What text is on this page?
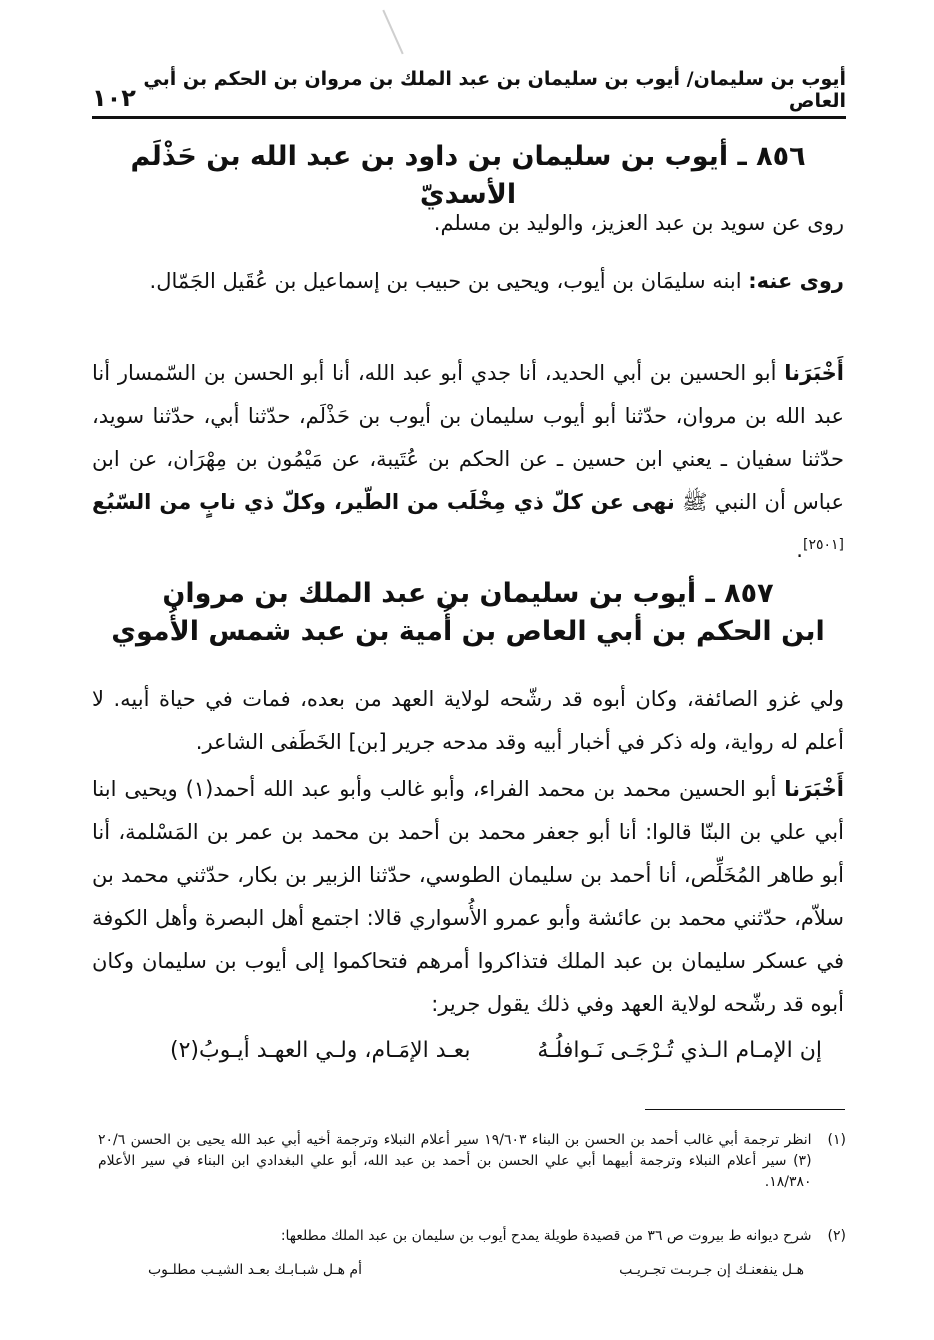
أيوب بن سليمان/ أيوب بن سليمان بن عبد الملك بن مروان بن الحكم بن أبي العاص
١٠٢
٨٥٦ ـ أيوب بن سليمان بن داود بن عبد الله بن حَذْلَم الأسديّ
روى عن سويد بن عبد العزيز، والوليد بن مسلم.
روى عنه: ابنه سليمَان بن أيوب، ويحيى بن حبيب بن إسماعيل بن عُقَيل الجَمّال.
أَخْبَرَنا أبو الحسين بن أبي الحديد، أنا جدي أبو عبد الله، أنا أبو الحسن بن السّمسار أنا عبد الله بن مروان، حدّثنا أبو أيوب سليمان بن أيوب بن حَذْلَم، حدّثنا أبي، حدّثنا سويد، حدّثنا سفيان ـ يعني ابن حسين ـ عن الحكم بن عُتَيبة، عن مَيْمُون بن مِهْرَان، عن ابن عباس أن النبي ﷺ نهى عن كلّ ذي مِخْلَب من الطّير، وكلّ ذي نابٍ من السّبُع [٢٥٠١].
٨٥٧ ـ أيوب بن سليمان بن عبد الملك بن مروان
ابن الحكم بن أبي العاص بن أُمية بن عبد شمس الأُموي
ولي غزو الصائفة، وكان أبوه قد رشّحه لولاية العهد من بعده، فمات في حياة أبيه. لا أعلم له رواية، وله ذكر في أخبار أبيه وقد مدحه جرير [بن] الخَطَفى الشاعر.
أَخْبَرَنا أبو الحسين محمد بن محمد الفراء، وأبو غالب وأبو عبد الله أحمد(١) ويحيى ابنا أبي علي بن البنّا قالوا: أنا أبو جعفر محمد بن أحمد بن محمد بن عمر بن المَسْلمة، أنا أبو طاهر المُخَلِّص، أنا أحمد بن سليمان الطوسي، حدّثنا الزبير بن بكار، حدّثني محمد بن سلاّم، حدّثني محمد بن عائشة وأبو عمرو الأُسواري قالا: اجتمع أهل البصرة وأهل الكوفة في عسكر سليمان بن عبد الملك فتذاكروا أمرهم فتحاكموا إلى أيوب بن سليمان وكان أبوه قد رشّحه لولاية العهد وفي ذلك يقول جرير:
إن الإمـام الـذي تُـرْجَـى نَـوافلُـهُ
بعـد الإمَـام، ولـي العهـد أيـوبُ(٢)
(١)
انظر ترجمة أبي غالب أحمد بن الحسن بن البناء ١٩/٦٠٣ سير أعلام النبلاء وترجمة أخيه أبي عبد الله يحيى بن الحسن ٢٠/٦ (٣) سير أعلام النبلاء وترجمة أبيهما أبي علي الحسن بن أحمد بن عبد الله، أبو علي البغدادي ابن البناء في سير الأعلام ١٨/٣٨٠.
(٢)
شرح ديوانه ط بيروت ص ٣٦ من قصيدة طويلة يمدح أيوب بن سليمان بن عبد الملك مطلعها:
هـل ينفعنـك إن جـربـت تجـريـب
أم هـل شبـابـك بعـد الشيـب مطلـوب
